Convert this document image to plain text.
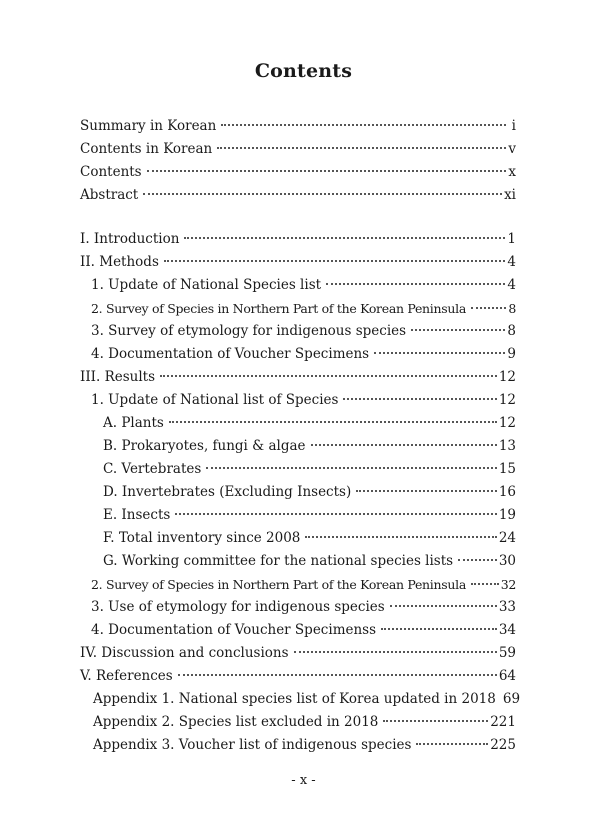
Contents
Summary in Korean	i
Contents in Korean	v
Contents	x
Abstract	xi
I. Introduction	1
II. Methods	4
1. Update of National Species list	4
2. Survey of Species in Northern Part of the Korean Peninsula	8
3. Survey of etymology for indigenous species	8
4. Documentation of Voucher Specimens	9
III. Results	12
1. Update of National list of Species	12
A. Plants	12
B. Prokaryotes, fungi & algae	13
C. Vertebrates	15
D. Invertebrates (Excluding Insects)	16
E. Insects	19
F. Total inventory since 2008	24
G. Working committee for the national species lists	30
2. Survey of Species in Northern Part of the Korean Peninsula	32
3. Use of etymology for indigenous species	33
4. Documentation of Voucher Specimenss	34
IV. Discussion and conclusions	59
V. References	64
Appendix 1. National species list of Korea updated in 2018 69
Appendix 2. Species list excluded in 2018	221
Appendix 3. Voucher list of indigenous species	225
- x -
